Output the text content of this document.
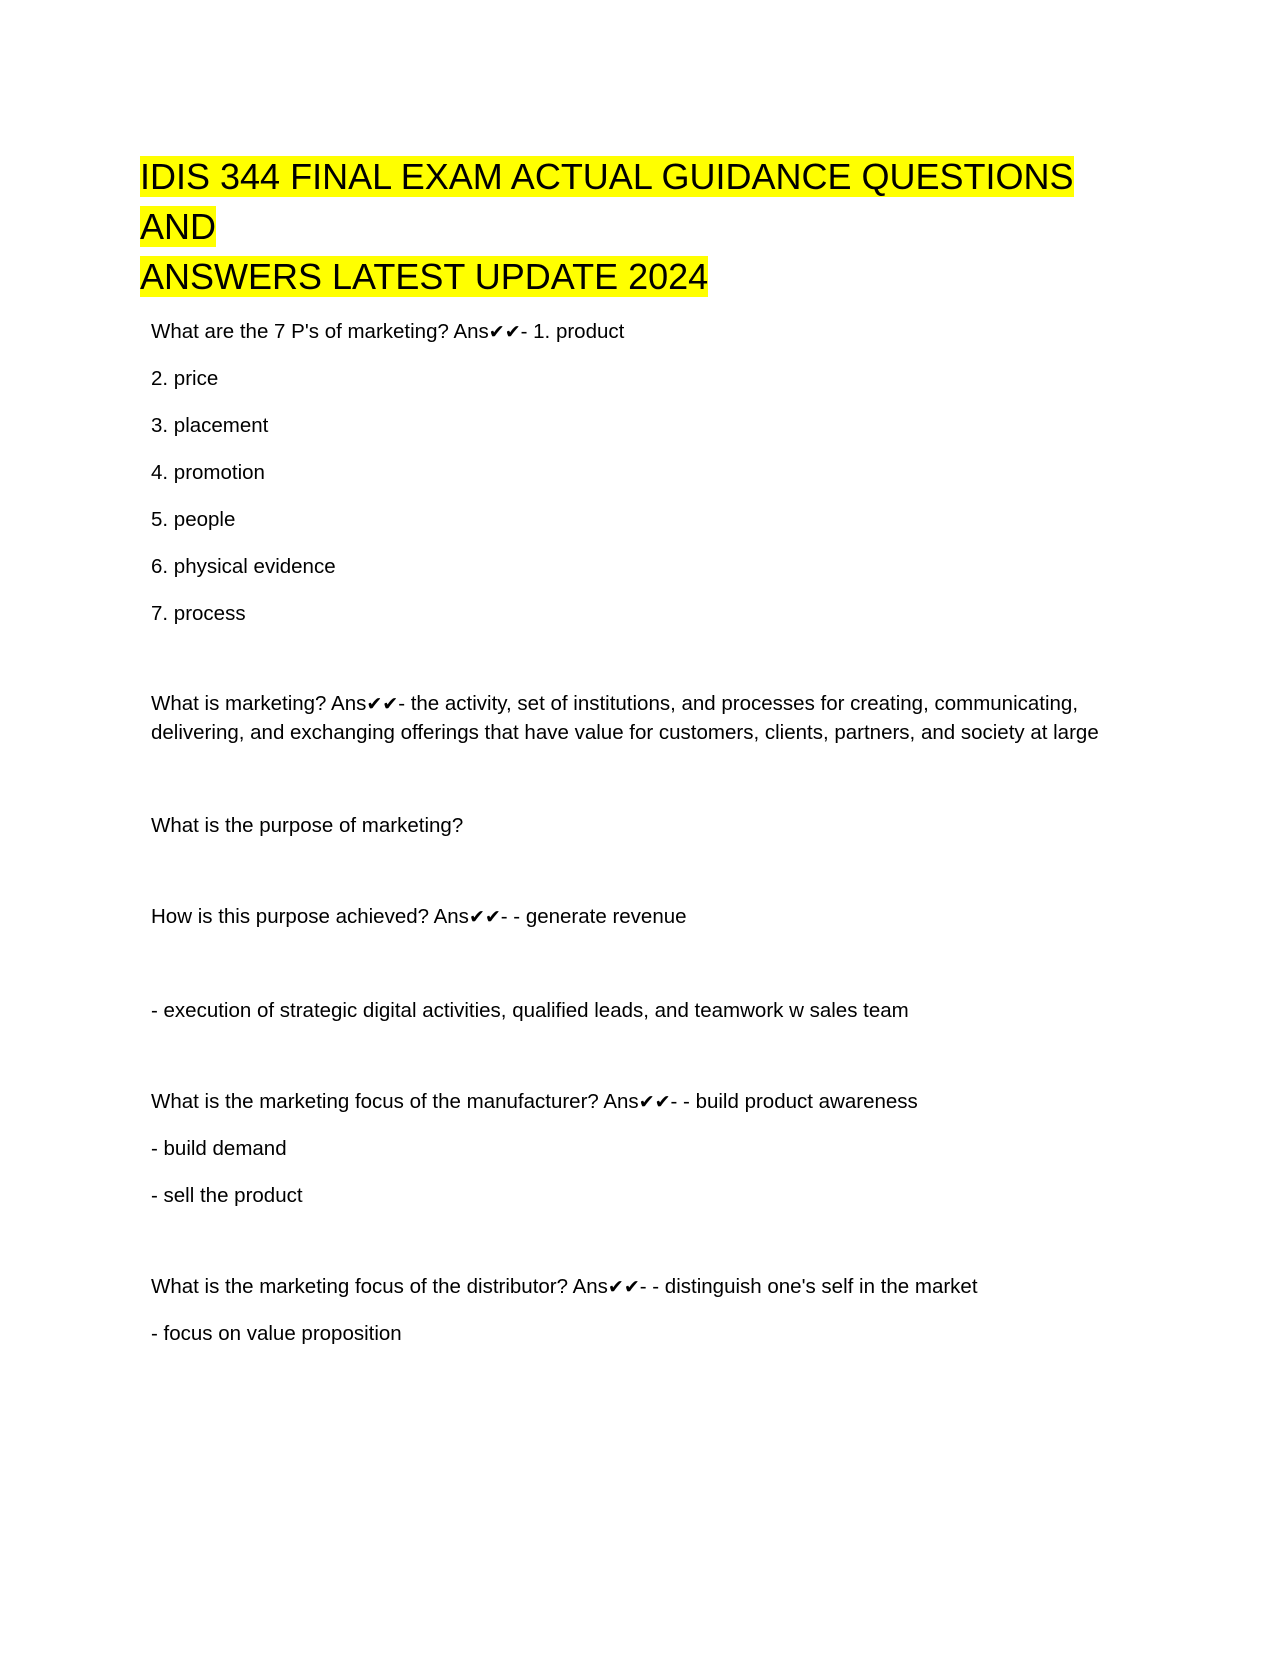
IDIS 344 FINAL EXAM ACTUAL GUIDANCE QUESTIONS AND
ANSWERS LATEST UPDATE 2024

What are the 7 P's of marketing? Ans✔✔- 1. product

2. price

3. placement

4. promotion

5. people

6. physical evidence

7. process

What is marketing? Ans✔✔- the activity, set of institutions, and processes for creating, communicating,

delivering, and exchanging offerings that have value for customers, clients, partners, and society at large

What is the purpose of marketing?

How is this purpose achieved? Ans✔✔- - generate revenue

- execution of strategic digital activities, qualified leads, and teamwork w sales team

What is the marketing focus of the manufacturer? Ans✔✔- - build product awareness

- build demand

- sell the product

What is the marketing focus of the distributor? Ans✔✔- - distinguish one's self in the market

- focus on value proposition
